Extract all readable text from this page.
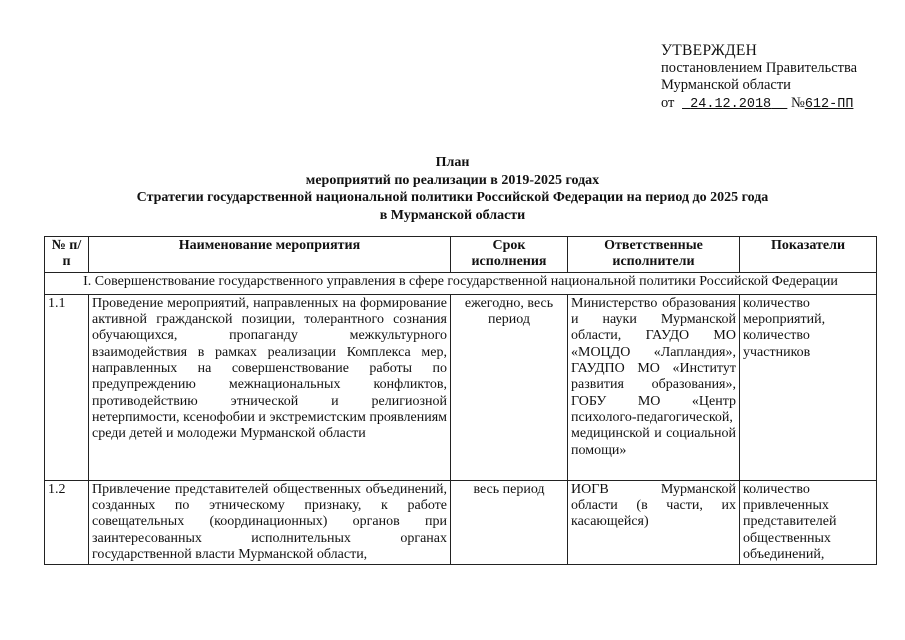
УТВЕРЖДЕН
постановлением Правительства
Мурманской области
от 24.12.2018 №612-ПП
План
мероприятий по реализации в 2019-2025 годах
Стратегии государственной национальной политики Российской Федерации на период до 2025 года
в Мурманской области
№ п/п	Наименование мероприятия	Срок исполнения	Ответственные исполнители	Показатели
I. Совершенствование государственного управления в сфере государственной национальной политики Российской Федерации				
1.1	Проведение мероприятий, направленных на формирование активной гражданской позиции, толерантного сознания обучающихся, пропаганду межкультурного взаимодействия в рамках реализации Комплекса мер, направленных на совершенствование работы по предупреждению межнациональных конфликтов, противодействию этнической и религиозной нетерпимости, ксенофобии и экстремистским проявлениям среди детей и молодежи Мурманской области	ежегодно, весь период	Министерство образования и науки Мурманской области, ГАУДО МО «МОЦДО «Лапландия», ГАУДПО МО «Институт развития образования», ГОБУ МО «Центр психолого-педагогической, медицинской и социальной помощи»	количество мероприятий, количество участников
1.2	Привлечение представителей общественных объединений, созданных по этническому признаку, к работе совещательных (координационных) органов при заинтересованных исполнительных органах государственной власти Мурманской области,	весь период	ИОГВ Мурманской области (в части, их касающейся)	количество привлеченных представителей общественных объединений,
